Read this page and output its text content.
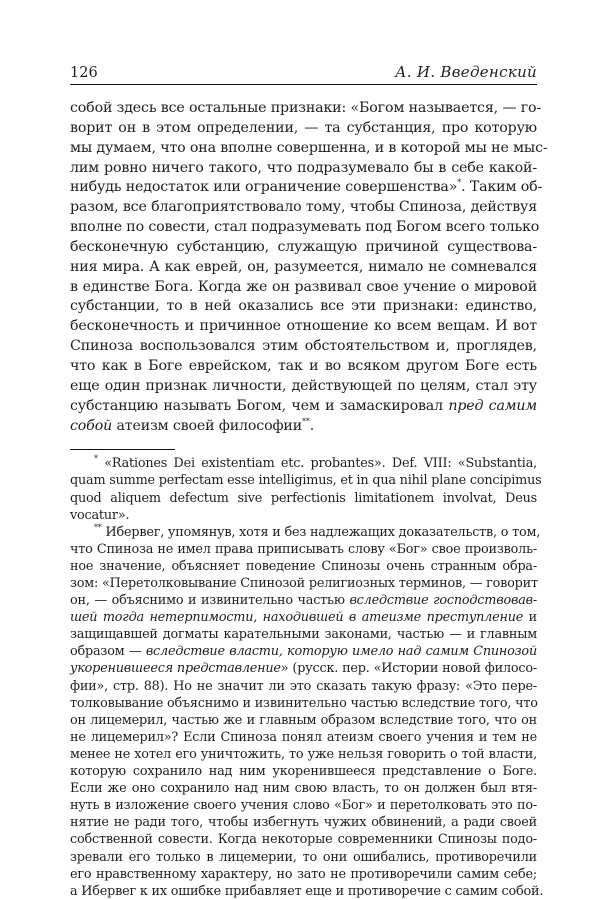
126	А. И. Введенский
собой здесь все остальные признаки: «Богом называется, — го-
ворит он в этом определении, — та субстанция, про которую
мы думаем, что она вполне совершенна, и в которой мы не мыс-
лим ровно ничего такого, что подразумевало бы в себе какой-
нибудь недостаток или ограничение совершенства»*. Таким об-
разом, все благоприятствовало тому, чтобы Спиноза, действуя
вполне по совести, стал подразумевать под Богом всего только
бесконечную субстанцию, служащую причиной существова-
ния мира. А как еврей, он, разумеется, нимало не сомневался
в единстве Бога. Когда же он развивал свое учение о мировой
субстанции, то в ней оказались все эти признаки: единство,
бесконечность и причинное отношение ко всем вещам. И вот
Спиноза воспользовался этим обстоятельством и, проглядев,
что как в Боге еврейском, так и во всяком другом Боге есть
еще один признак личности, действующей по целям, стал эту
субстанцию называть Богом, чем и замаскировал пред самим
собой атеизм своей философии**.
* «Rationes Dei existentiam etc. probantes». Def. VIII: «Substantia,
quam summe perfectam esse intelligimus, et in qua nihil plane concipimus
quod aliquem defectum sive perfectionis limitationem involvat, Deus
vocatur».
** Ибервег, упомянув, хотя и без надлежащих доказательств, о том,
что Спиноза не имел права приписывать слову «Бог» свое произволь-
ное значение, объясняет поведение Спинозы очень странным обра-
зом: «Перетолковывание Спинозой религиозных терминов, — говорит
он, — объяснимо и извинительно частью вследствие господствовав-
шей тогда нетерпимости, находившей в атеизме преступление и
защищавшей догматы карательными законами, частью — и главным
образом — вследствие власти, которую имело над самим Спинозой
укоренившееся представление» (русск. пер. «Истории новой филосо-
фии», стр. 88). Но не значит ли это сказать такую фразу: «Это пере-
толковывание объяснимо и извинительно частью вследствие того, что
он лицемерил, частью же и главным образом вследствие того, что он
не лицемерил»? Если Спиноза понял атеизм своего учения и тем не
менее не хотел его уничтожить, то уже нельзя говорить о той власти,
которую сохранило над ним укоренившееся представление о Боге.
Если же оно сохранило над ним свою власть, то он должен был втя-
нуть в изложение своего учения слово «Бог» и перетолковать это по-
нятие не ради того, чтобы избегнуть чужих обвинений, а ради своей
собственной совести. Когда некоторые современники Спинозы подо-
зревали его только в лицемерии, то они ошибались, противоречили
его нравственному характеру, но зато не противоречили самим себе;
а Ибервег к их ошибке прибавляет еще и противоречие с самим собой.
